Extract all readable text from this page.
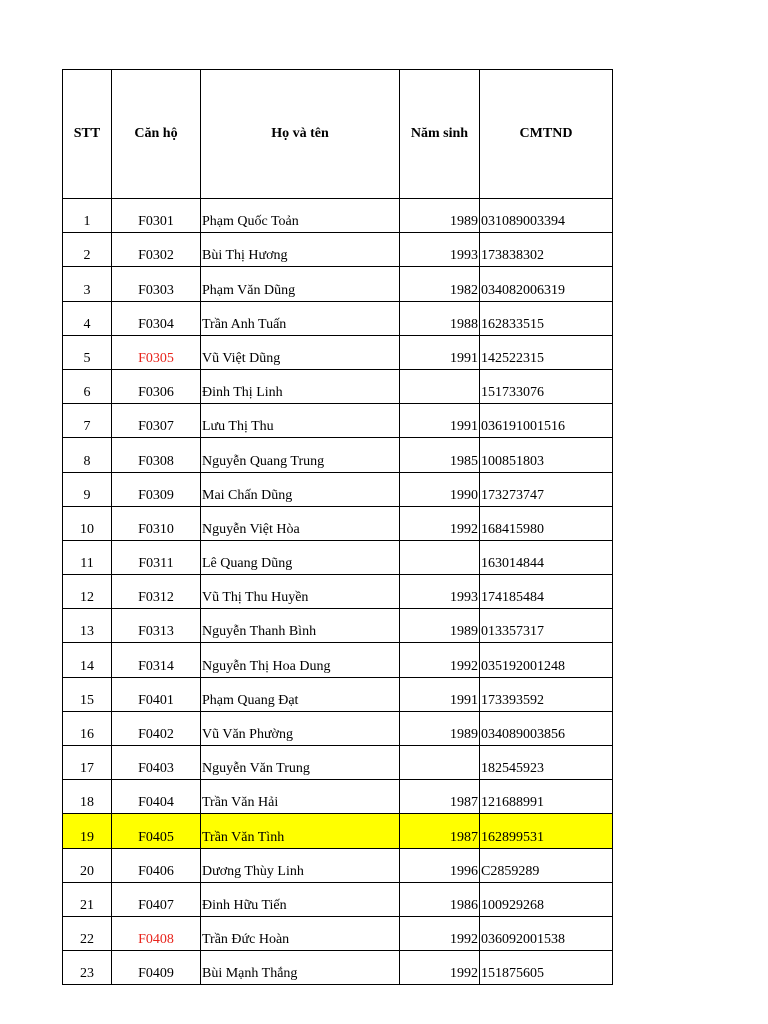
STT	Căn hộ	Họ và tên	Năm sinh	CMTND
1	F0301	Phạm Quốc Toản	1989	031089003394
2	F0302	Bùi Thị Hương	1993	173838302
3	F0303	Phạm Văn Dũng	1982	034082006319
4	F0304	Trần Anh Tuấn	1988	162833515
5	F0305	Vũ Việt Dũng	1991	142522315
6	F0306	Đinh Thị Linh		151733076
7	F0307	Lưu Thị Thu	1991	036191001516
8	F0308	Nguyễn Quang Trung	1985	100851803
9	F0309	Mai Chấn Dũng	1990	173273747
10	F0310	Nguyễn Việt Hòa	1992	168415980
11	F0311	Lê Quang Dũng		163014844
12	F0312	Vũ Thị Thu Huyền	1993	174185484
13	F0313	Nguyễn Thanh Bình	1989	013357317
14	F0314	Nguyễn Thị Hoa Dung	1992	035192001248
15	F0401	Phạm Quang Đạt	1991	173393592
16	F0402	Vũ Văn Phường	1989	034089003856
17	F0403	Nguyễn Văn Trung		182545923
18	F0404	Trần Văn Hải	1987	121688991
19	F0405	Trần Văn Tình	1987	162899531
20	F0406	Dương Thùy Linh	1996	C2859289
21	F0407	Đinh Hữu Tiến	1986	100929268
22	F0408	Trần Đức Hoàn	1992	036092001538
23	F0409	Bùi Mạnh Thắng	1992	151875605
